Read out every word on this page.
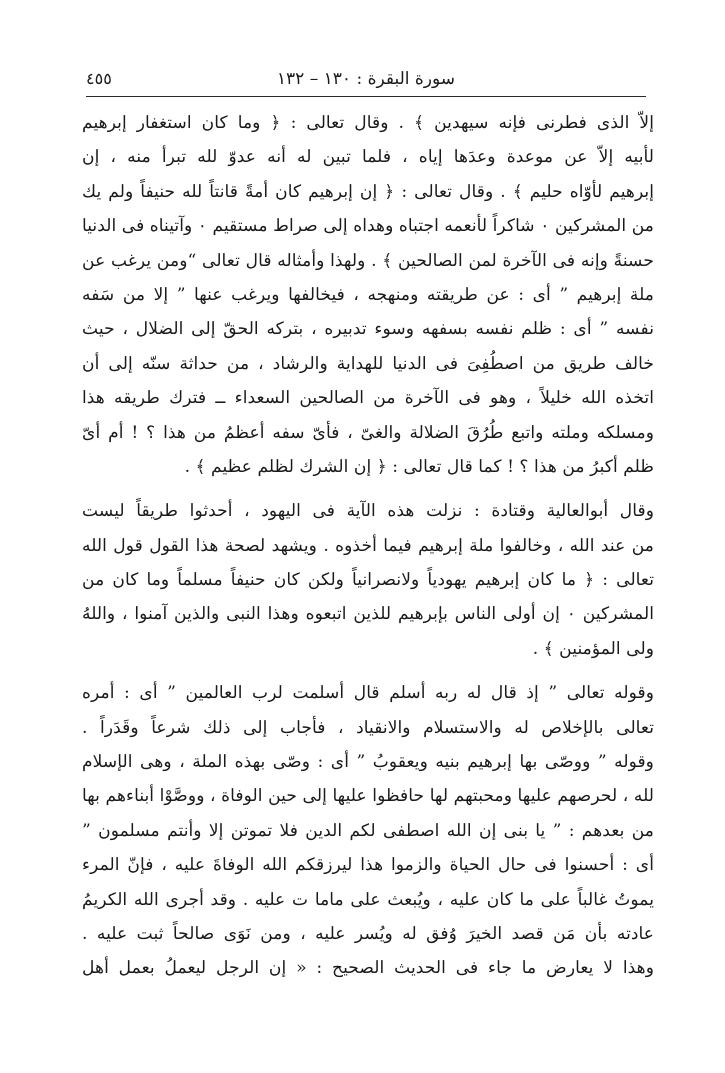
سورة البقرة : ١٣٠ – ١٣٢
٤٥٥
إلاّ الذى فطرنى فإنه سيهدين ﴾ . وقال تعالى : ﴿ وما كان استغفار إبرهيم
لأبيه إلاّ عن موعدة وعدَها إياه ، فلما تبين له أنه عدوّ لله تبرأ منه ، إن
إبرهيم لأوّاه حليم ﴾ . وقال تعالى : ﴿ إن إبرهيم كان أمةً قانتاً لله حنيفاً ولم يك
من المشركين ٠ شاكراً لأنعمه اجتباه وهداه إلى صراط مستقيم ٠ وآتيناه فى الدنيا
حسنةً وإنه فى الآخرة لمن الصالحين ﴾ . ولهذا وأمثاله قال تعالى “ومن يرغب عن
ملة إبرهيم ” أى : عن طريقته ومنهجه ، فيخالفها ويرغب عنها ” إلا من سَفه
نفسه ” أى : ظلم نفسه بسفهه وسوء تدبيره ، بتركه الحقّ إلى الضلال ، حيث
خالف طريق من اصطُفِىَ فى الدنيا للهداية والرشاد ، من حداثة سنّه إلى أن
اتخذه الله خليلاً ، وهو فى الآخرة من الصالحين السعداء ــ فترك طريقه هذا
ومسلكه وملته واتبع طُرُقَ الضلالة والغىّ ، فأىّ سفه أعظمُ من هذا ؟ ! أم أىّ
ظلم أكبرُ من هذا ؟ ! كما قال تعالى : ﴿ إن الشرك لظلم عظيم ﴾ .
وقال أبوالعالية وقتادة : نزلت هذه الآية فى اليهود ، أحدثوا طريقاً ليست
من عند الله ، وخالفوا ملة إبرهيم فيما أخذوه . ويشهد لصحة هذا القول قول الله
تعالى : ﴿ ما كان إبرهيم يهودياً ولانصرانياً ولكن كان حنيفاً مسلماً وما كان من
المشركين ٠ إن أولى الناس بإبرهيم للذين اتبعوه وهذا النبى والذين آمنوا ، واللهُ
ولى المؤمنين ﴾ .
وقوله تعالى ” إذ قال له ربه أسلم قال أسلمت لرب العالمين ” أى : أمره
تعالى بالإخلاص له والاستسلام والانقياد ، فأجاب إلى ذلك شرعاً وقَدَراً .
وقوله ” ووصّى بها إبرهيم بنيه ويعقوبُ ” أى : وصّى بهذه الملة ، وهى الإسلام
لله ، لحرصهم عليها ومحبتهم لها حافظوا عليها إلى حين الوفاة ، ووصَّوْا أبناءهم بها
من بعدهم : ” يا بنى إن الله اصطفى لكم الدين فلا تموتن إلا وأنتم مسلمون ”
أى : أحسنوا فى حال الحياة والزموا هذا ليرزقكم الله الوفاةَ عليه ، فإنّ المرء
يموتُ غالباً على ما كان عليه ، ويُبعث على ماما ت عليه . وقد أجرى الله الكريمُ
عادته بأن مَن قصد الخيرَ وُفق له ويُسر عليه ، ومن نَوَى صالحاً ثبت عليه .
وهذا لا يعارض ما جاء فى الحديث الصحيح : « إن الرجل ليعملُ بعمل أهل
